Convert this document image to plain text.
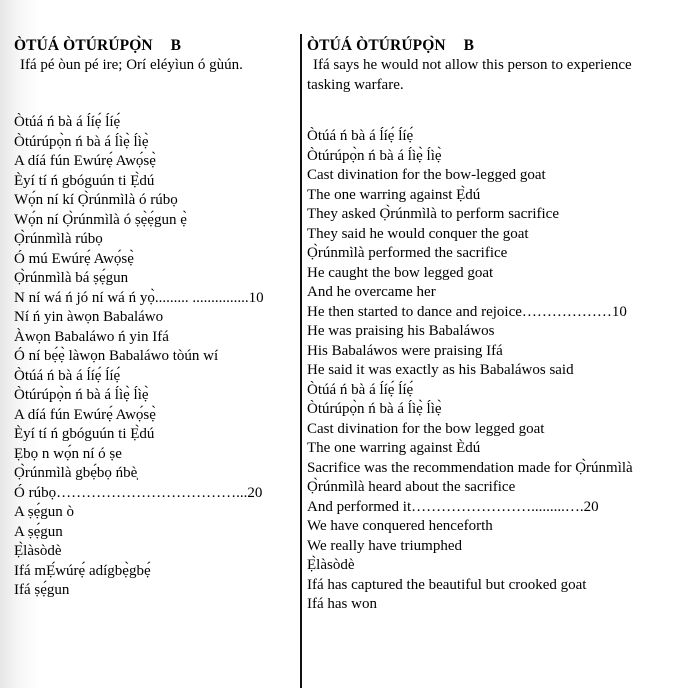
ÒTÚÁ ÒTÚRÚPỌ̀N B

Ifá pé òun pé ire; Orí eléyìun ó gùún.

Òtúá ń bà á ĺíẹ́ ĺíẹ́
Òtúrúpọ̀n ń bà á ĺìẹ̀ ĺìẹ̀
A díá fún Ewúrẹ́ Awọ́sẹ̀
Èyí tí ń gbóguún ti Ẹ̀dú
Wọ́n ní kí Ọ̀rúnmìlà ó rúbọ
Wọ́n ní Ọ̀rúnmìlà ó ṣẹ̀ẹ́gun ẹ̀
Ọ̀rúnmìlà rúbọ
Ó mú Ewúrẹ́ Awọ́sẹ̀
Ọ̀rúnmìlà bá ṣẹ́gun
N ní wá ń jó ní wá ń yọ̀......... ...............10
Ní ń yin àwọn Babaláwo
Àwọn Babaláwo ń yin Ifá
Ó ní bẹ́ẹ̀ làwọn Babaláwo tòún wí
Òtúá ń bà á ĺíẹ́ ĺíẹ́
Òtúrúpọ̀n ń bà á ĺìẹ̀ ĺìẹ̀
A díá fún Ewúrẹ́ Awọ́sẹ̀
Èyí tí ń gbóguún ti Ẹ̀dú
Ẹbọ n wọ́n ní ó ṣe
Ọ̀rúnmìlà gbẹ́bọ ńbè̩
Ó rúbọ………………………………...20
A ṣẹ́gun ò
A ṣẹ́gun
Ẹ̀làsòdè
Ifá mẸ́wúrẹ́ adígbẹ̀gbẹ́
Ifá ṣẹ́gun

ÒTÚÁ ÒTÚRÚPỌ̀N B

Ifá says he would not allow this person to experience

tasking warfare.

Òtúá ń bà á ĺíẹ́ ĺíẹ́
Òtúrúpọ̀n ń bà á ĺìẹ̀ ĺìẹ̀
Cast divination for the bow-legged goat
The one warring against Ẹ̀dú
They asked Ọ̀rúnmìlà to perform sacrifice
They said he would conquer the goat
Ọ̀rúnmìlà performed the sacrifice
He caught the bow legged goat
And he overcame her
He then started to dance and rejoice………………10
He was praising his Babaláwos
His Babaláwos were praising Ifá
He said it was exactly as his Babaláwos said
Òtúá ń bà á ĺíẹ́ ĺíẹ́
Òtúrúpọ̀n ń bà á ĺìẹ̀ ĺìẹ̀
Cast divination for the bow legged goat
The one warring against Èdú
Sacrifice was the recommendation made for Ọ̀rúnmìlà
Ọ̀rúnmìlà heard about the sacrifice
And performed it…………………….........….20
We have conquered henceforth
We really have triumphed
Ẹ̀làsòdè
Ifá has captured the beautiful but crooked goat
Ifá has won
